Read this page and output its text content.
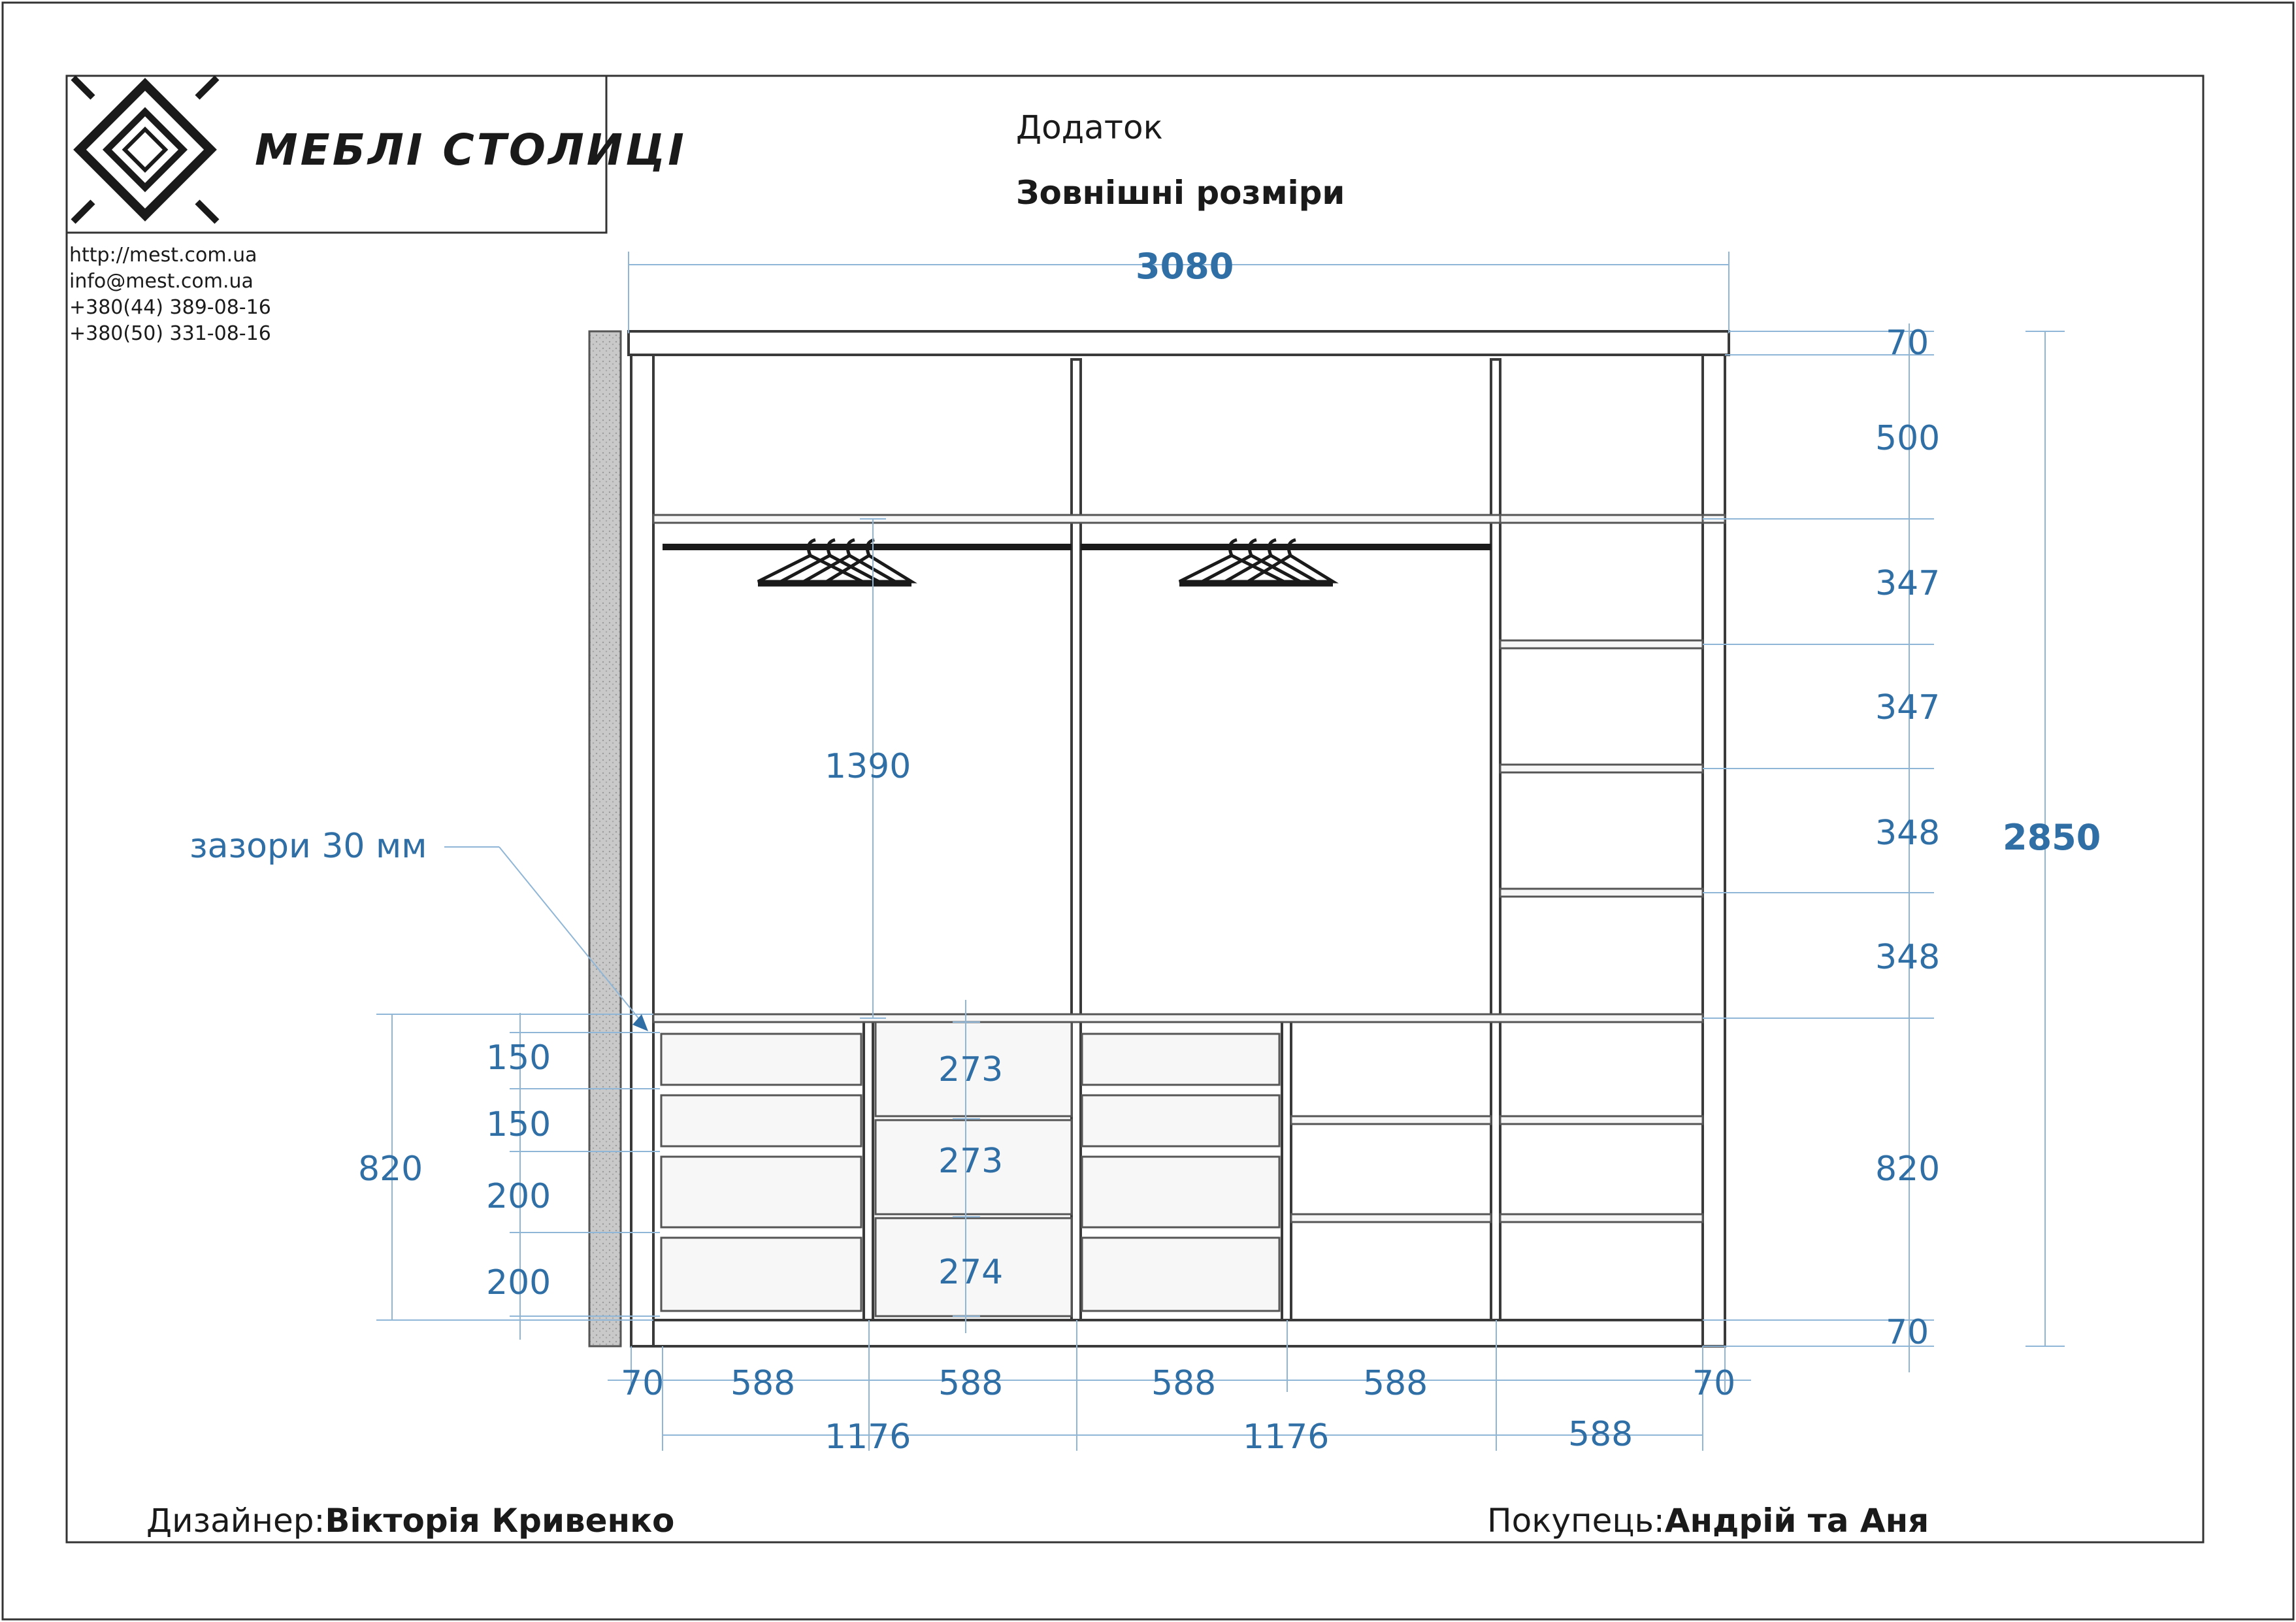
МЕБЛІ СТОЛИЦІ
http://mest.com.ua
info@mest.com.ua
+380(44) 389-08-16
+380(50) 331-08-16
Додаток
Зовнішні розміри
3080
2850
70
500
347
347
348
348
820
70
1390
820
150
150
200
200
273
273
274
70 588	588	588	588	70
1176	1176	588
зазори 30 мм
Дизайнер:Вікторія Кривенко	Покупець:Андрій та Аня
